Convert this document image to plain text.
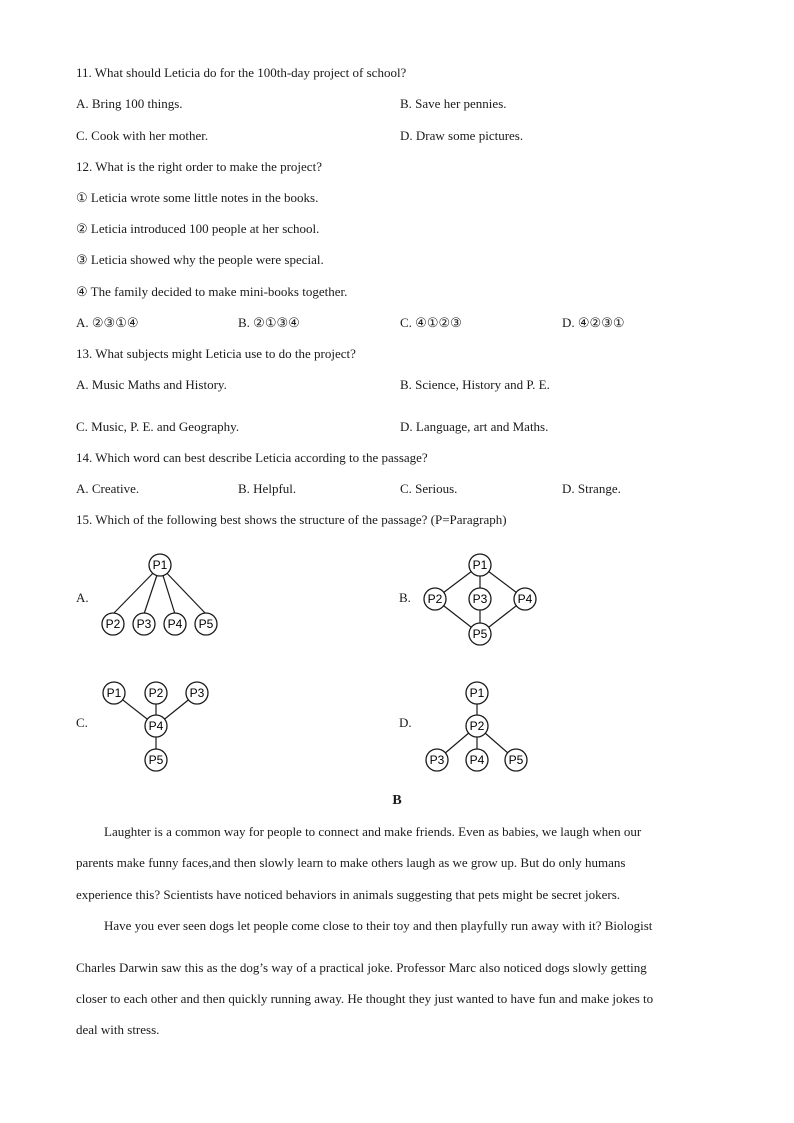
11. What should Leticia do for the 100th-day project of school?
A. Bring 100 things.	B. Save her pennies.
C. Cook with her mother.	D. Draw some pictures.
12. What is the right order to make the project?
① Leticia wrote some little notes in the books.
② Leticia introduced 100 people at her school.
③ Leticia showed why the people were special.
④ The family decided to make mini-books together.
A. ②③①④	B. ②①③④	C. ④①②③	D. ④②③①
13. What subjects might Leticia use to do the project?
A. Music Maths and History.	B. Science, History and P. E.
C. Music, P. E. and Geography.	D. Language, art and Maths.
14. Which word can best describe Leticia according to the passage?
A. Creative.	B. Helpful.	C. Serious.	D. Strange.
15. Which of the following best shows the structure of the passage? (P=Paragraph)
A.
P1
P2 P3 P4 P5
B.
P1
P2	P3	P4
P5
C.
P1 P2 P3
P4
P5
D.
P1
P2
P3 P4 P5
B
Laughter is a common way for people to connect and make friends. Even as babies, we laugh when our
parents make funny faces,and then slowly learn to make others laugh as we grow up. But do only humans
experience this? Scientists have noticed behaviors in animals suggesting that pets might be secret jokers.
Have you ever seen dogs let people come close to their toy and then playfully run away with it? Biologist
Charles Darwin saw this as the dog’s way of a practical joke. Professor Marc also noticed dogs slowly getting
closer to each other and then quickly running away. He thought they just wanted to have fun and make jokes to
deal with stress.
